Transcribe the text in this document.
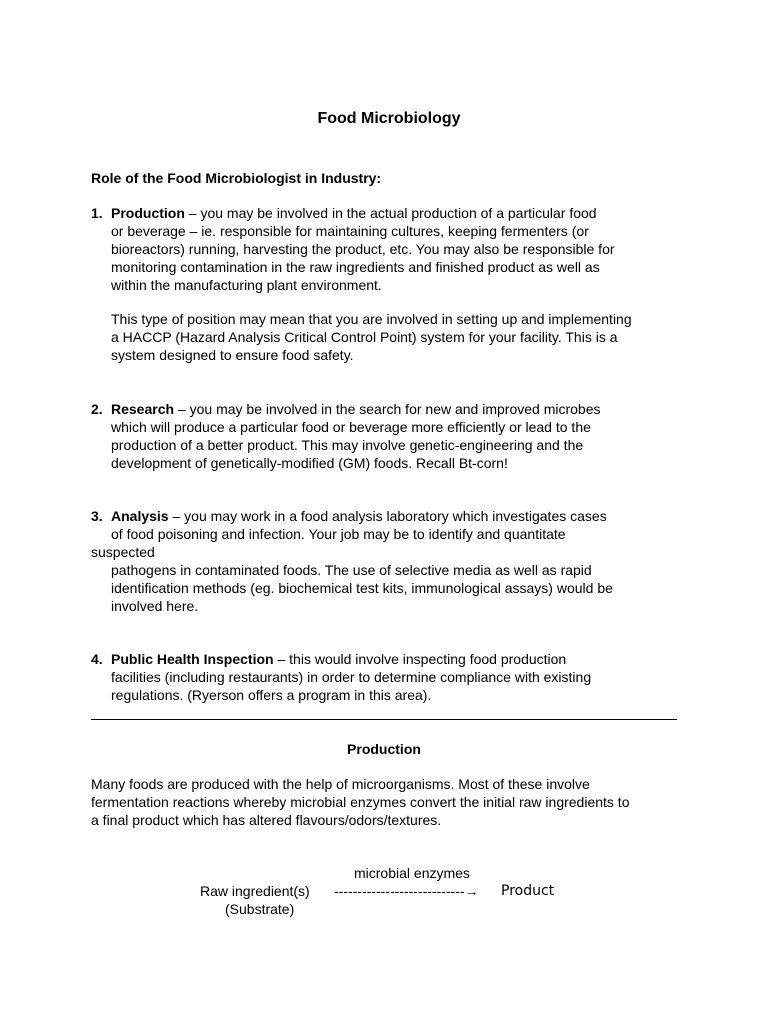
Food Microbiology
Role of the Food Microbiologist in Industry:
1. Production – you may be involved in the actual production of a particular food
or beverage – ie. responsible for maintaining cultures, keeping fermenters (or
bioreactors) running, harvesting the product, etc. You may also be responsible for
monitoring contamination in the raw ingredients and finished product as well as
within the manufacturing plant environment.
This type of position may mean that you are involved in setting up and implementing
a HACCP (Hazard Analysis Critical Control Point) system for your facility. This is a
system designed to ensure food safety.
2. Research – you may be involved in the search for new and improved microbes
which will produce a particular food or beverage more efficiently or lead to the
production of a better product. This may involve genetic-engineering and the
development of genetically-modified (GM) foods. Recall Bt-corn!
3. Analysis – you may work in a food analysis laboratory which investigates cases
of food poisoning and infection. Your job may be to identify and quantitate
suspected
pathogens in contaminated foods. The use of selective media as well as rapid
identification methods (eg. biochemical test kits, immunological assays) would be
involved here.
4. Public Health Inspection – this would involve inspecting food production
facilities (including restaurants) in order to determine compliance with existing
regulations. (Ryerson offers a program in this area).
Production
Many foods are produced with the help of microorganisms. Most of these involve
fermentation reactions whereby microbial enzymes convert the initial raw ingredients to
a final product which has altered flavours/odors/textures.
microbial enzymes
Raw ingredient(s) ----------------------------→ Product
(Substrate)
